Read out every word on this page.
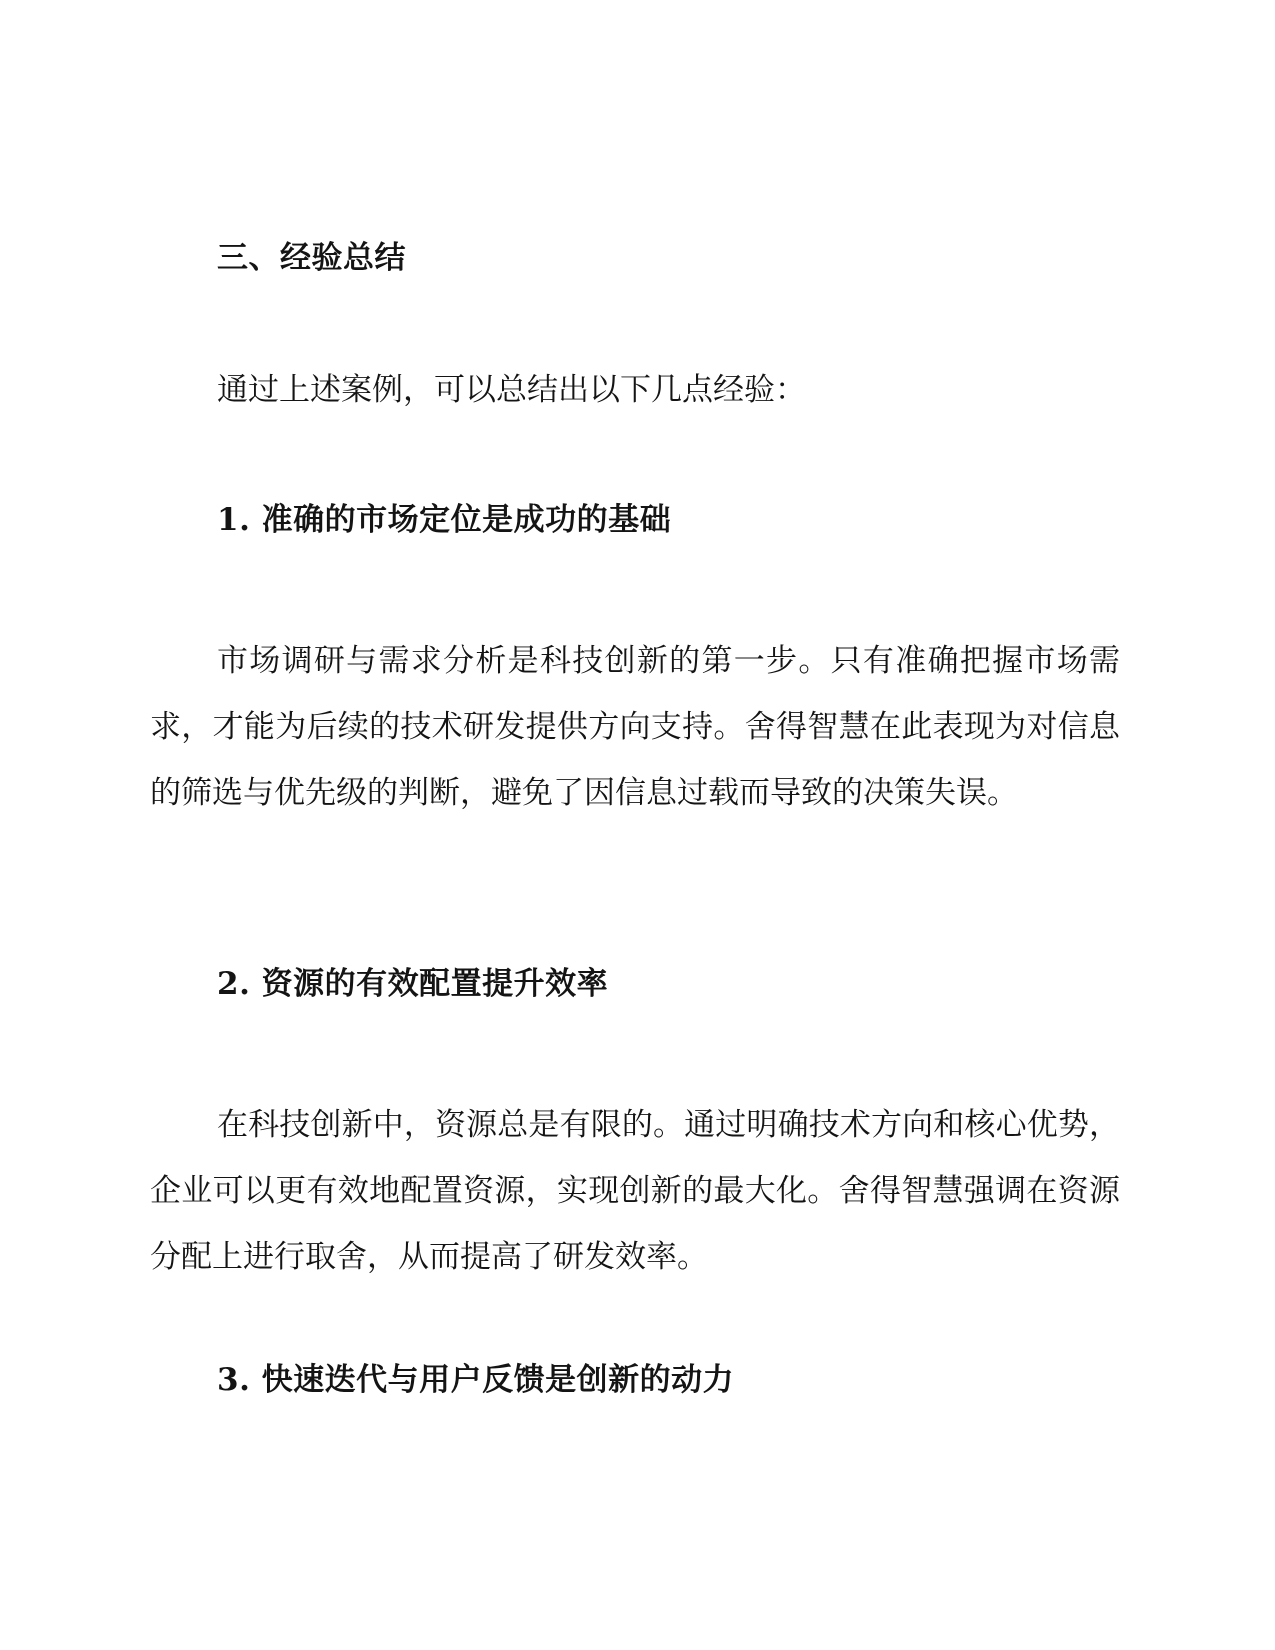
三、经验总结

通过上述案例，可以总结出以下几点经验：

1. 准确的市场定位是成功的基础

市场调研与需求分析是科技创新的第一步。只有准确把握市场需求，才能为后续的技术研发提供方向支持。舍得智慧在此表现为对信息的筛选与优先级的判断，避免了因信息过载而导致的决策失误。

2. 资源的有效配置提升效率

在科技创新中，资源总是有限的。通过明确技术方向和核心优势，企业可以更有效地配置资源，实现创新的最大化。舍得智慧强调在资源分配上进行取舍，从而提高了研发效率。

3. 快速迭代与用户反馈是创新的动力
